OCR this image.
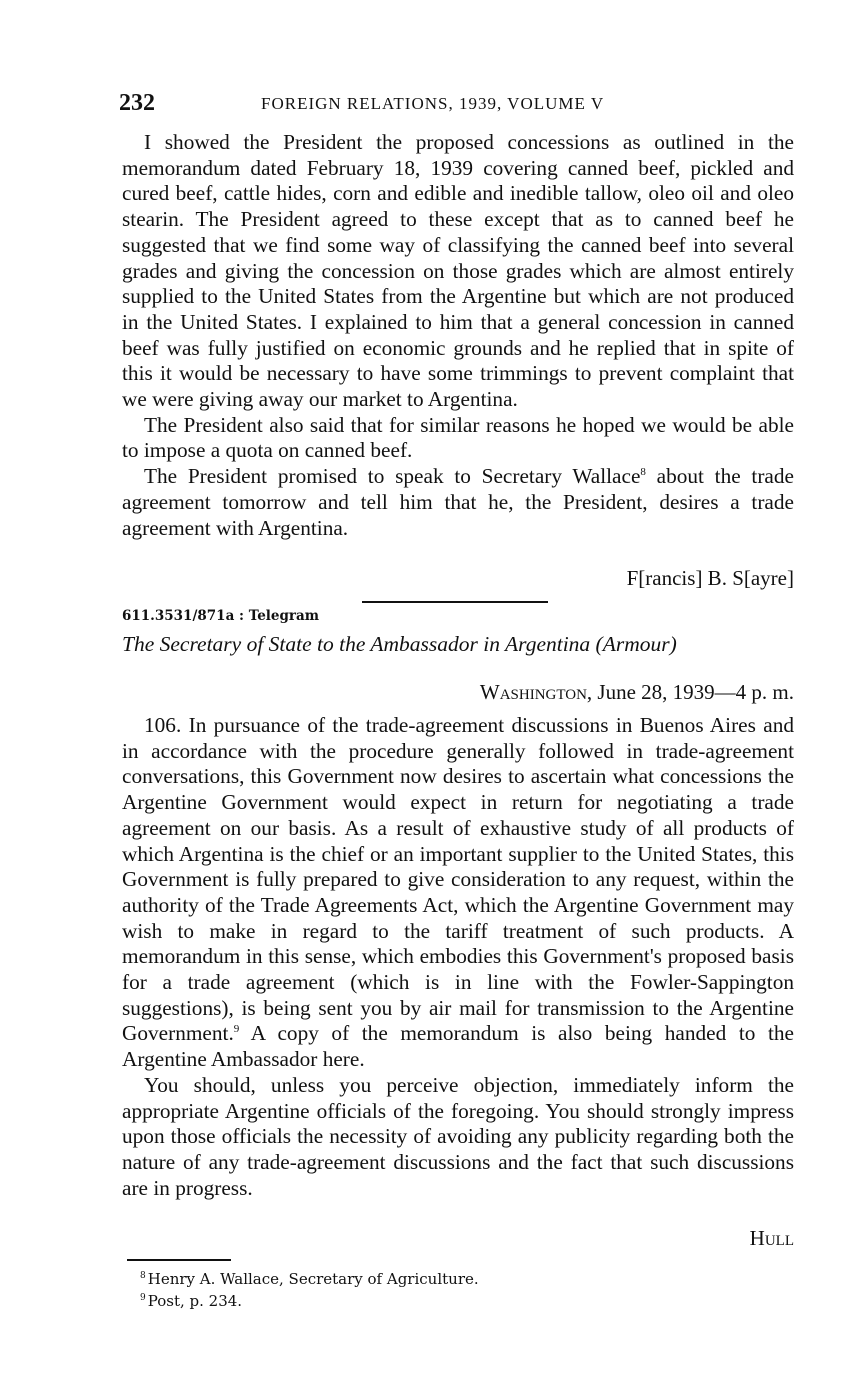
232	FOREIGN RELATIONS, 1939, VOLUME V

I showed the President the proposed concessions as outlined in the memorandum dated February 18, 1939 covering canned beef, pickled and cured beef, cattle hides, corn and edible and inedible tallow, oleo oil and oleo stearin. The President agreed to these except that as to canned beef he suggested that we find some way of classifying the canned beef into several grades and giving the concession on those grades which are almost entirely supplied to the United States from the Argentine but which are not produced in the United States. I explained to him that a general concession in canned beef was fully justified on economic grounds and he replied that in spite of this it would be necessary to have some trimmings to prevent complaint that we were giving away our market to Argentina.

The President also said that for similar reasons he hoped we would be able to impose a quota on canned beef.

The President promised to speak to Secretary Wallace$^8$ about the trade agreement tomorrow and tell him that he, the President, desires a trade agreement with Argentina.

F[rancis] B. S[ayre]
611.3531/871a : Telegram
The Secretary of State to the Ambassador in Argentina (Armour)
Washington, June 28, 1939—4 p. m.

106. In pursuance of the trade-agreement discussions in Buenos Aires and in accordance with the procedure generally followed in trade-agreement conversations, this Government now desires to ascertain what concessions the Argentine Government would expect in return for negotiating a trade agreement on our basis. As a result of exhaustive study of all products of which Argentina is the chief or an important supplier to the United States, this Government is fully prepared to give consideration to any request, within the authority of the Trade Agreements Act, which the Argentine Government may wish to make in regard to the tariff treatment of such products. A memorandum in this sense, which embodies this Government's proposed basis for a trade agreement (which is in line with the Fowler-Sappington suggestions), is being sent you by air mail for transmission to the Argentine Government.$^9$ A copy of the memorandum is also being handed to the Argentine Ambassador here.

You should, unless you perceive objection, immediately inform the appropriate Argentine officials of the foregoing. You should strongly impress upon those officials the necessity of avoiding any publicity regarding both the nature of any trade-agreement discussions and the fact that such discussions are in progress.

Hull
$^8$ Henry A. Wallace, Secretary of Agriculture.
$^9$ Post, p. 234.
